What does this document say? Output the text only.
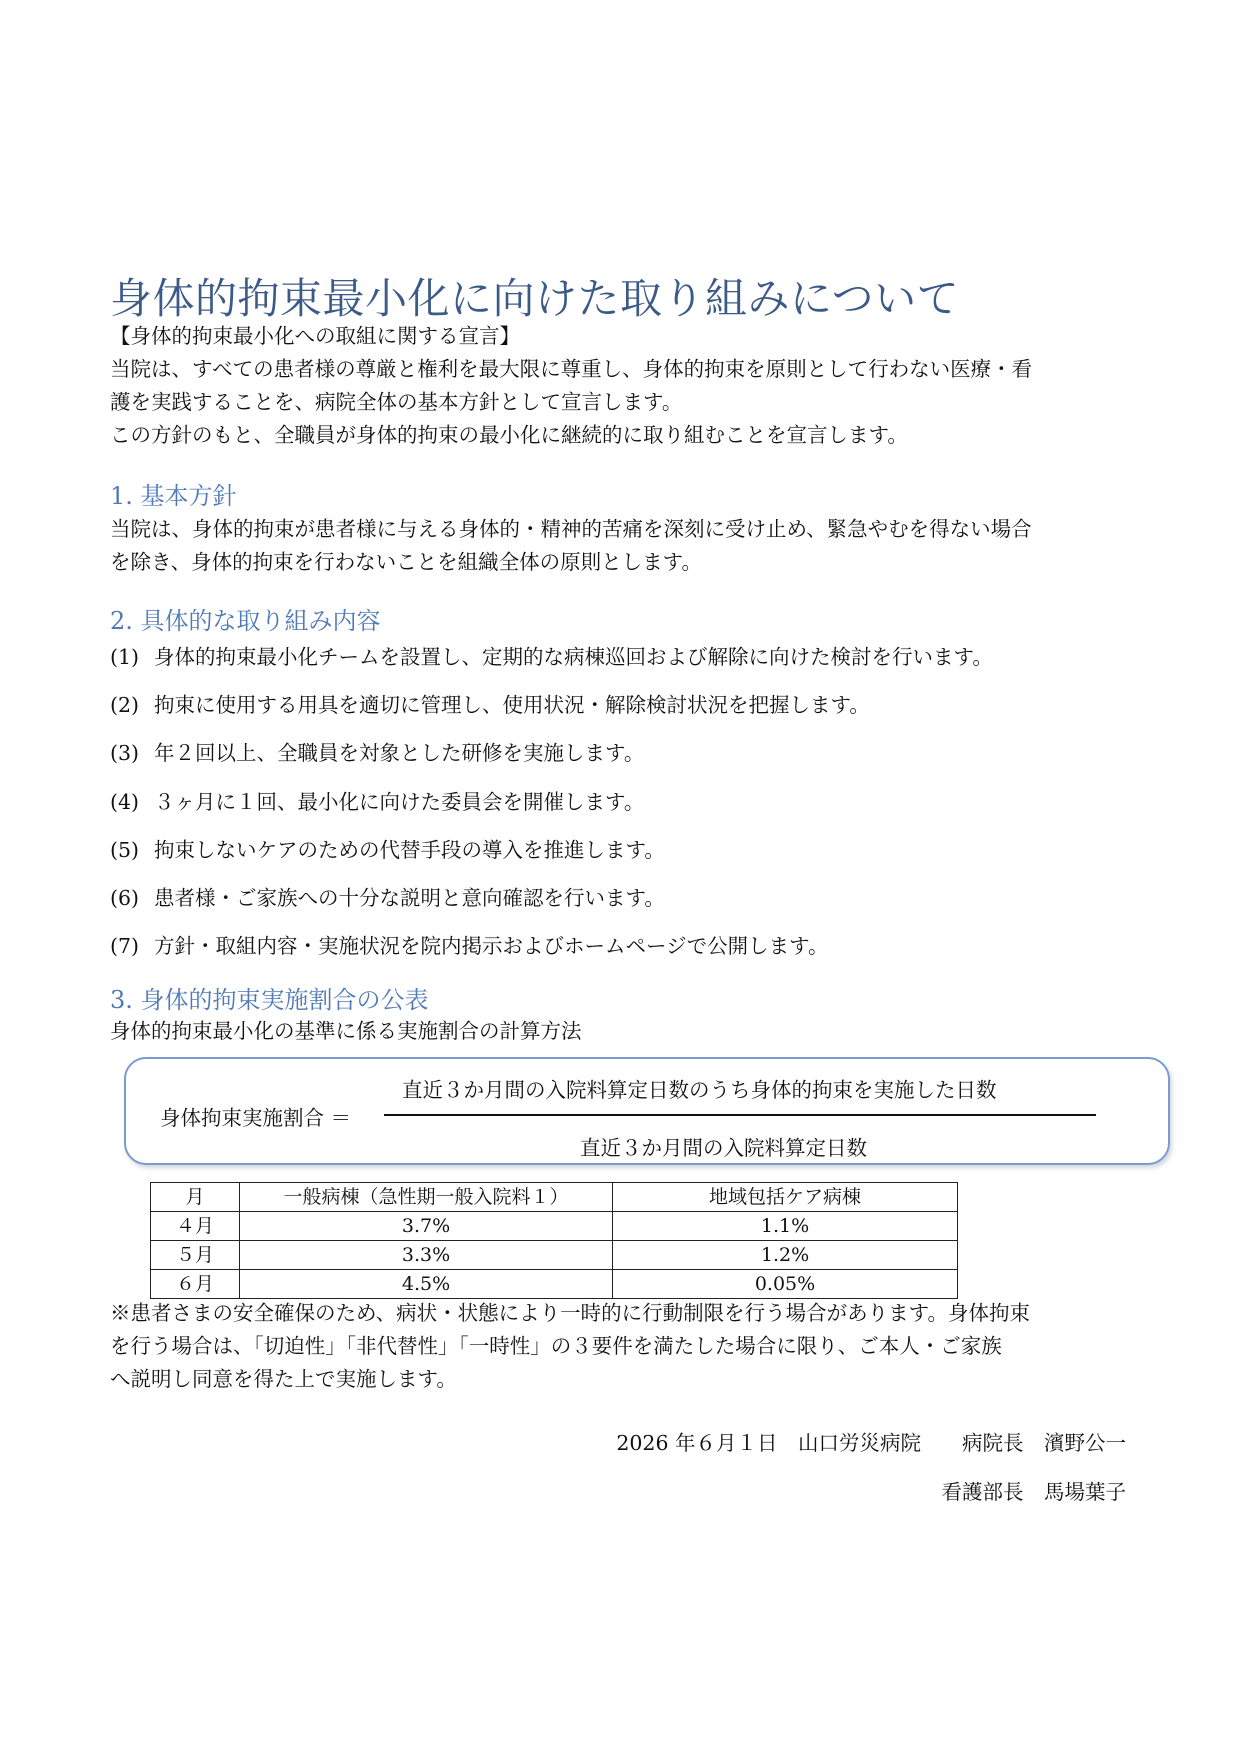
身体的拘束最小化に向けた取り組みについて
【身体的拘束最小化への取組に関する宣言】
当院は、すべての患者様の尊厳と権利を最大限に尊重し、身体的拘束を原則として行わない医療・看
護を実践することを、病院全体の基本方針として宣言します。
この方針のもと、全職員が身体的拘束の最小化に継続的に取り組むことを宣言します。
1. 基本方針
当院は、身体的拘束が患者様に与える身体的・精神的苦痛を深刻に受け止め、緊急やむを得ない場合
を除き、身体的拘束を行わないことを組織全体の原則とします。
2. 具体的な取り組み内容
(1) 身体的拘束最小化チームを設置し、定期的な病棟巡回および解除に向けた検討を行います。
(2) 拘束に使用する用具を適切に管理し、使用状況・解除検討状況を把握します。
(3) 年２回以上、全職員を対象とした研修を実施します。
(4) ３ヶ月に１回、最小化に向けた委員会を開催します。
(5) 拘束しないケアのための代替手段の導入を推進します。
(6) 患者様・ご家族への十分な説明と意向確認を行います。
(7) 方針・取組内容・実施状況を院内掲示およびホームページで公開します。
3. 身体的拘束実施割合の公表
身体的拘束最小化の基準に係る実施割合の計算方法
身体拘束実施割合 ＝
直近３か月間の入院料算定日数のうち身体的拘束を実施した日数
直近３か月間の入院料算定日数
月	一般病棟（急性期一般入院料１）	地域包括ケア病棟
４月	3.7%	1.1%
５月	3.3%	1.2%
６月	4.5%	0.05%
※患者さまの安全確保のため、病状・状態により一時的に行動制限を行う場合があります。身体拘束
を行う場合は、「切迫性」「非代替性」「一時性」の３要件を満たした場合に限り、ご本人・ご家族
へ説明し同意を得た上で実施します。
2026 年６月１日　山口労災病院　　病院長　濱野公一
看護部長　馬場葉子
